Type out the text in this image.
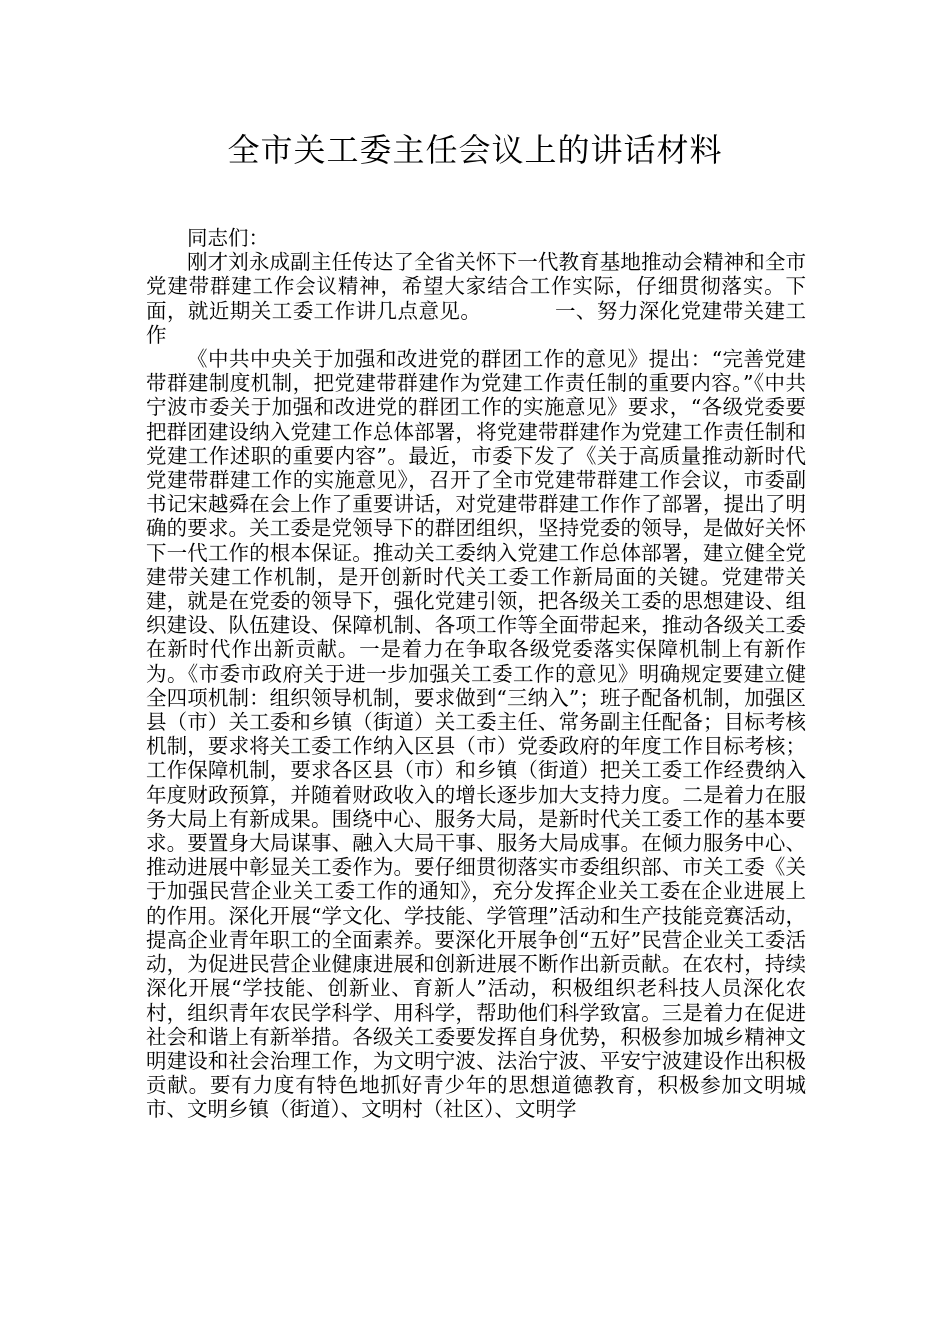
全市关工委主任会议上的讲话材料

同志们：

刚才刘永成副主任传达了全省关怀下一代教育基地推动会精神和全市党建带群建工作会议精神，希望大家结合工作实际，仔细贯彻落实。下面，就近期关工委工作讲几点意见。　　　　	一、努力深化党建带关建工作

《中共中央关于加强和改进党的群团工作的意见》提出：“完善党建带群建制度机制，把党建带群建作为党建工作责任制的重要内容。”《中共宁波市委关于加强和改进党的群团工作的实施意见》要求，“各级党委要把群团建设纳入党建工作总体部署，将党建带群建作为党建工作责任制和党建工作述职的重要内容”。最近，市委下发了《关于高质量推动新时代党建带群建工作的实施意见》，召开了全市党建带群建工作会议，市委副书记宋越舜在会上作了重要讲话，对党建带群建工作作了部署，提出了明确的要求。关工委是党领导下的群团组织，坚持党委的领导，是做好关怀下一代工作的根本保证。推动关工委纳入党建工作总体部署，建立健全党建带关建工作机制，是开创新时代关工委工作新局面的关键。党建带关建，就是在党委的领导下，强化党建引领，把各级关工委的思想建设、组织建设、队伍建设、保障机制、各项工作等全面带起来，推动各级关工委在新时代作出新贡献。一是着力在争取各级党委落实保障机制上有新作为。《市委市政府关于进一步加强关工委工作的意见》明确规定要建立健全四项机制：组织领导机制，要求做到“三纳入”；班子配备机制，加强区县（市）关工委和乡镇（街道）关工委主任、常务副主任配备；目标考核机制，要求将关工委工作纳入区县（市）党委政府的年度工作目标考核；工作保障机制，要求各区县（市）和乡镇（街道）把关工委工作经费纳入年度财政预算，并随着财政收入的增长逐步加大支持力度。二是着力在服务大局上有新成果。围绕中心、服务大局，是新时代关工委工作的基本要求。要置身大局谋事、融入大局干事、服务大局成事。在倾力服务中心、推动进展中彰显关工委作为。要仔细贯彻落实市委组织部、市关工委《关于加强民营企业关工委工作的通知》，充分发挥企业关工委在企业进展上的作用。深化开展“学文化、学技能、学管理”活动和生产技能竞赛活动，提高企业青年职工的全面素养。要深化开展争创“五好”民营企业关工委活动，为促进民营企业健康进展和创新进展不断作出新贡献。在农村，持续深化开展“学技能、创新业、育新人”活动，积极组织老科技人员深化农村，组织青年农民学科学、用科学，帮助他们科学致富。三是着力在促进社会和谐上有新举措。各级关工委要发挥自身优势，积极参加城乡精神文明建设和社会治理工作，为文明宁波、法治宁波、平安宁波建设作出积极贡献。要有力度有特色地抓好青少年的思想道德教育，积极参加文明城市、文明乡镇（街道）、文明村（社区）、文明学
